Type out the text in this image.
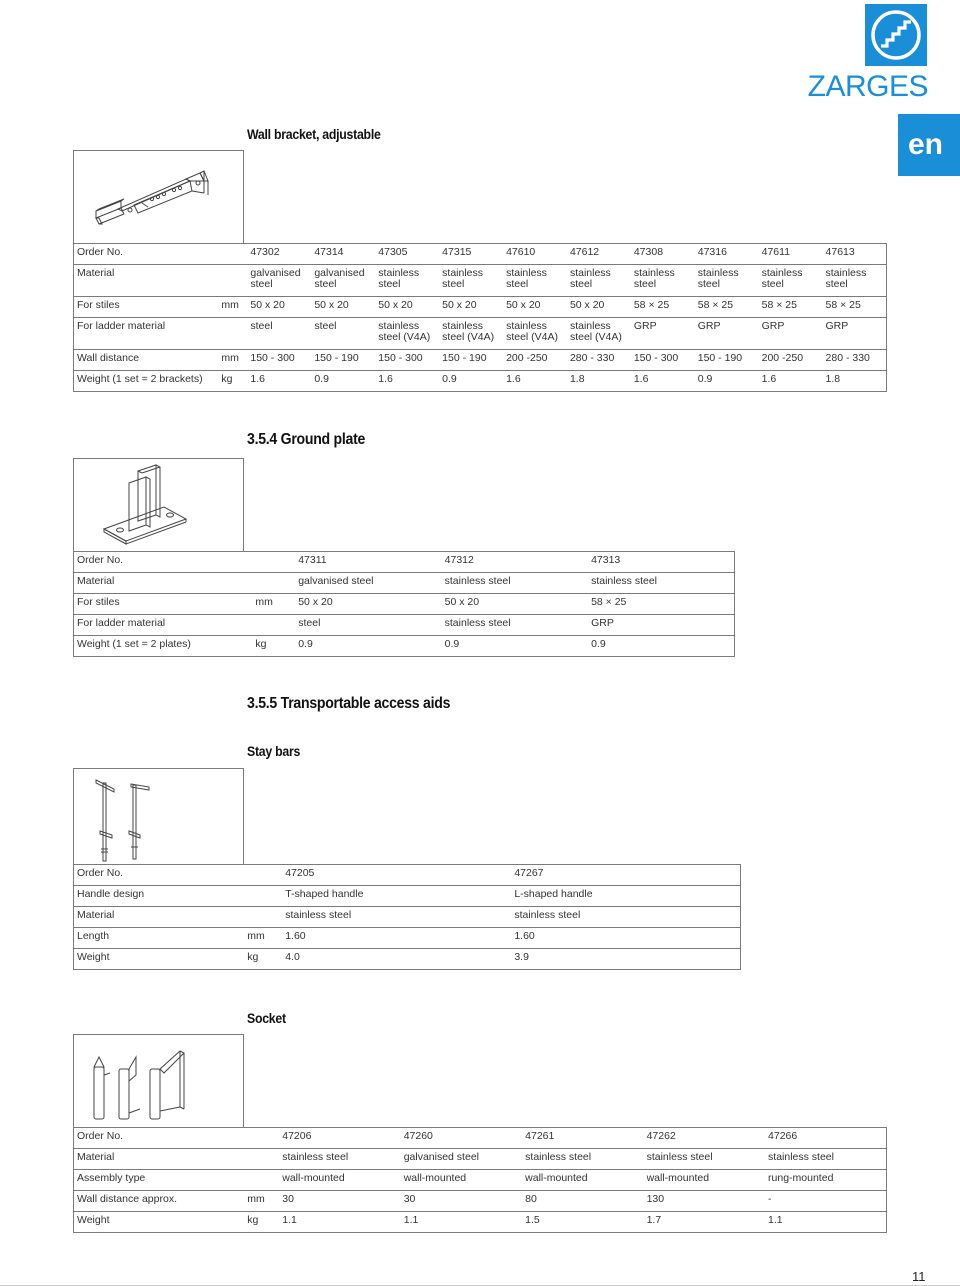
ZARGES
en
Wall bracket, adjustable
Order No.		47302	47314	47305	47315	47610	47612	47308	47316	47611	47613
Material		galvanised steel	galvanised steel	stainless steel	stainless steel	stainless steel	stainless steel	stainless steel	stainless steel	stainless steel	stainless steel
For stiles	mm	50 x 20	50 x 20	50 x 20	50 x 20	50 x 20	50 x 20	58 × 25	58 × 25	58 × 25	58 × 25
For ladder material		steel	steel	stainless steel (V4A)	stainless steel (V4A)	stainless steel (V4A)	stainless steel (V4A)	GRP	GRP	GRP	GRP
Wall distance	mm	150 - 300	150 - 190	150 - 300	150 - 190	200 -250	280 - 330	150 - 300	150 - 190	200 -250	280 - 330
Weight (1 set = 2 brackets)	kg	1.6	0.9	1.6	0.9	1.6	1.8	1.6	0.9	1.6	1.8
3.5.4 Ground plate
Order No.		47311	47312	47313
Material		galvanised steel	stainless steel	stainless steel
For stiles	mm	50 x 20	50 x 20	58 × 25
For ladder material		steel	stainless steel	GRP
Weight (1 set = 2 plates)	kg	0.9	0.9	0.9
3.5.5 Transportable access aids
Stay bars
Order No.		47205	47267
Handle design		T-shaped handle	L-shaped handle
Material		stainless steel	stainless steel
Length	mm	1.60	1.60
Weight	kg	4.0	3.9
Socket
Order No.		47206	47260	47261	47262	47266
Material		stainless steel	galvanised steel	stainless steel	stainless steel	stainless steel
Assembly type		wall-mounted	wall-mounted	wall-mounted	wall-mounted	rung-mounted
Wall distance approx.	mm	30	30	80	130	-
Weight	kg	1.1	1.1	1.5	1.7	1.1
11
